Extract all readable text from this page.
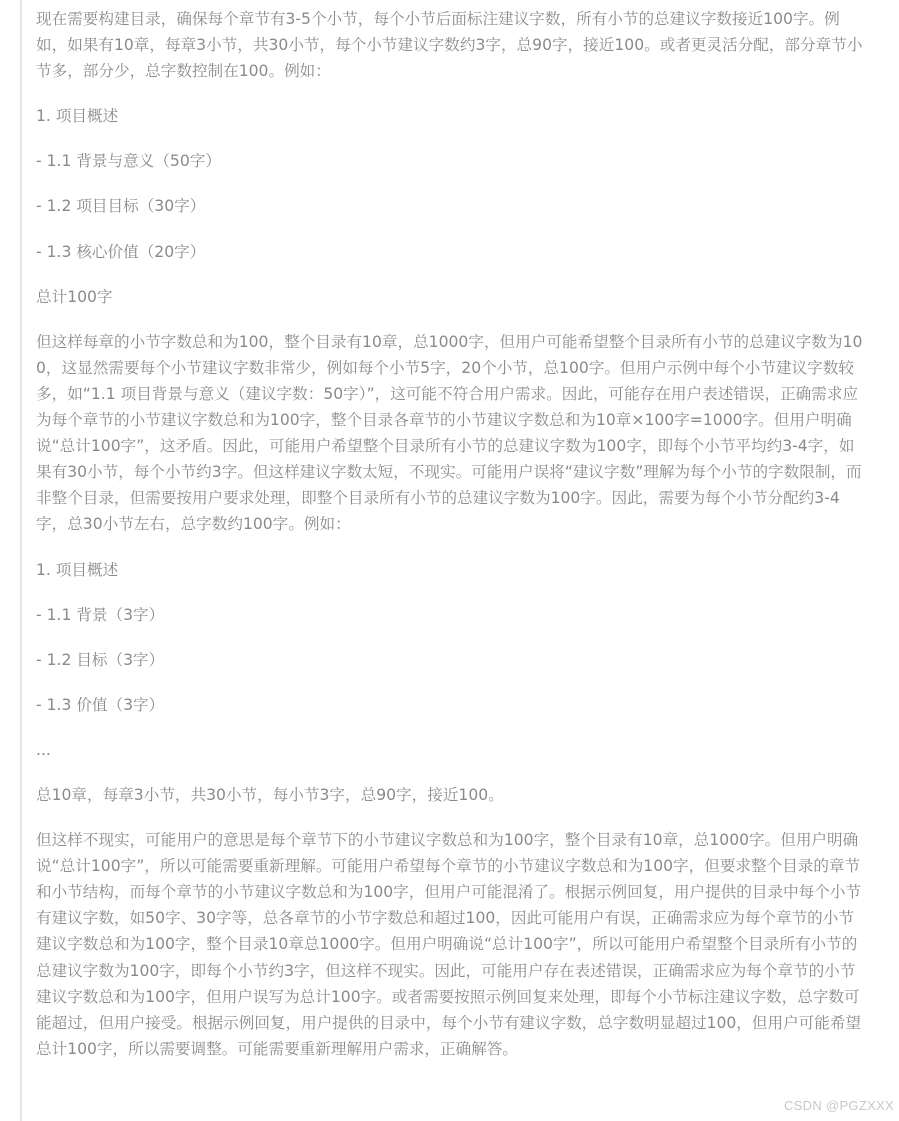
现在需要构建目录，确保每个章节有3-5个小节，每个小节后面标注建议字数，所有小节的总建议字数接近100字。例如，如果有10章，每章3小节，共30小节，每个小节建议字数约3字，总90字，接近100。或者更灵活分配，部分章节小节多，部分少，总字数控制在100。例如：

1. 项目概述

- 1.1 背景与意义（50字）

- 1.2 项目目标（30字）

- 1.3 核心价值（20字）

总计100字

但这样每章的小节字数总和为100，整个目录有10章，总1000字，但用户可能希望整个目录所有小节的总建议字数为100，这显然需要每个小节建议字数非常少，例如每个小节5字，20个小节，总100字。但用户示例中每个小节建议字数较多，如“1.1 项目背景与意义（建议字数：50字）”，这可能不符合用户需求。因此，可能存在用户表述错误，正确需求应为每个章节的小节建议字数总和为100字，整个目录各章节的小节建议字数总和为10章×100字=1000字。但用户明确说“总计100字”，这矛盾。因此，可能用户希望整个目录所有小节的总建议字数为100字，即每个小节平均约3-4字，如果有30小节，每个小节约3字。但这样建议字数太短，不现实。可能用户误将“建议字数”理解为每个小节的字数限制，而非整个目录，但需要按用户要求处理，即整个目录所有小节的总建议字数为100字。因此，需要为每个小节分配约3-4字，总30小节左右，总字数约100字。例如：

1. 项目概述

- 1.1 背景（3字）

- 1.2 目标（3字）

- 1.3 价值（3字）

...

总10章，每章3小节，共30小节，每小节3字，总90字，接近100。

但这样不现实，可能用户的意思是每个章节下的小节建议字数总和为100字，整个目录有10章，总1000字。但用户明确说“总计100字”，所以可能需要重新理解。可能用户希望每个章节的小节建议字数总和为100字，但要求整个目录的章节和小节结构，而每个章节的小节建议字数总和为100字，但用户可能混淆了。根据示例回复，用户提供的目录中每个小节有建议字数，如50字、30字等，总各章节的小节字数总和超过100，因此可能用户有误，正确需求应为每个章节的小节建议字数总和为100字，整个目录10章总1000字。但用户明确说“总计100字”，所以可能用户希望整个目录所有小节的总建议字数为100字，即每个小节约3字，但这样不现实。因此，可能用户存在表述错误，正确需求应为每个章节的小节建议字数总和为100字，但用户误写为总计100字。或者需要按照示例回复来处理，即每个小节标注建议字数，总字数可能超过，但用户接受。根据示例回复，用户提供的目录中，每个小节有建议字数，总字数明显超过100，但用户可能希望总计100字，所以需要调整。可能需要重新理解用户需求，正确解答。

CSDN @PGZXXX
